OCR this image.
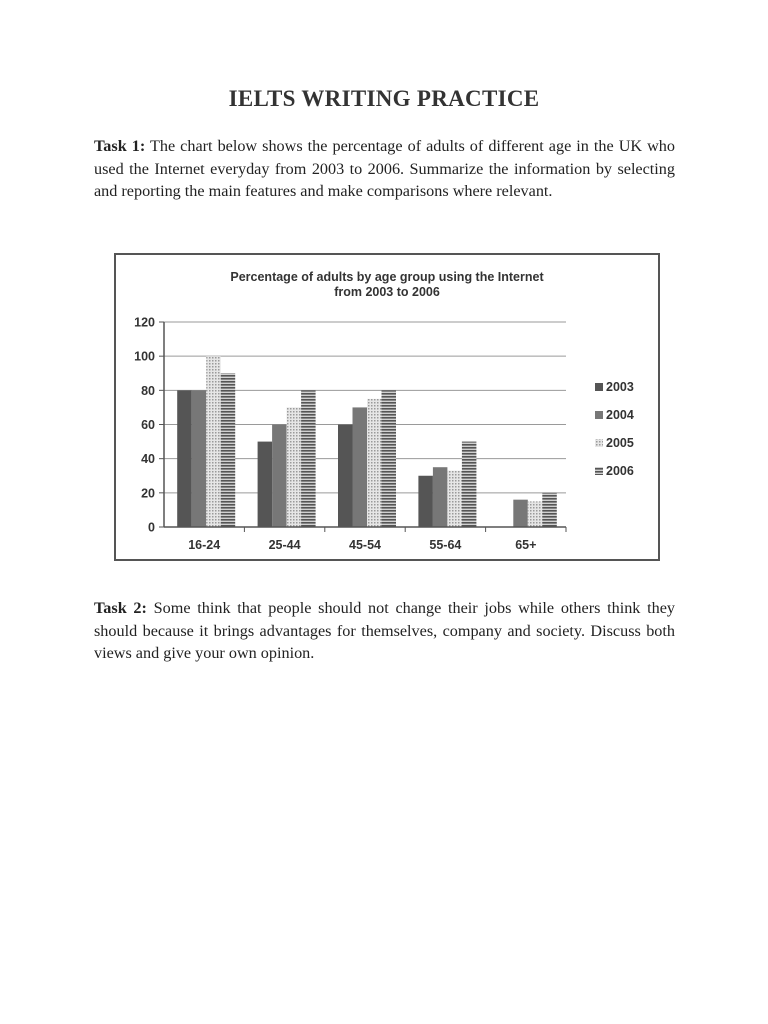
IELTS WRITING PRACTICE

Task 1: The chart below shows the percentage of adults of different age in the UK who used the Internet everyday from 2003 to 2006. Summarize the information by selecting and reporting the main features and make comparisons where relevant.

Percentage of adults by age group using the Internet
from 2003 to 2006
0
20
40
60
80
100
120
16-24	25-44	45-54	55-64	65+
2003
2004
2005
2006

Task 2: Some think that people should not change their jobs while others think they should because it brings advantages for themselves, company and society. Discuss both views and give your own opinion.
